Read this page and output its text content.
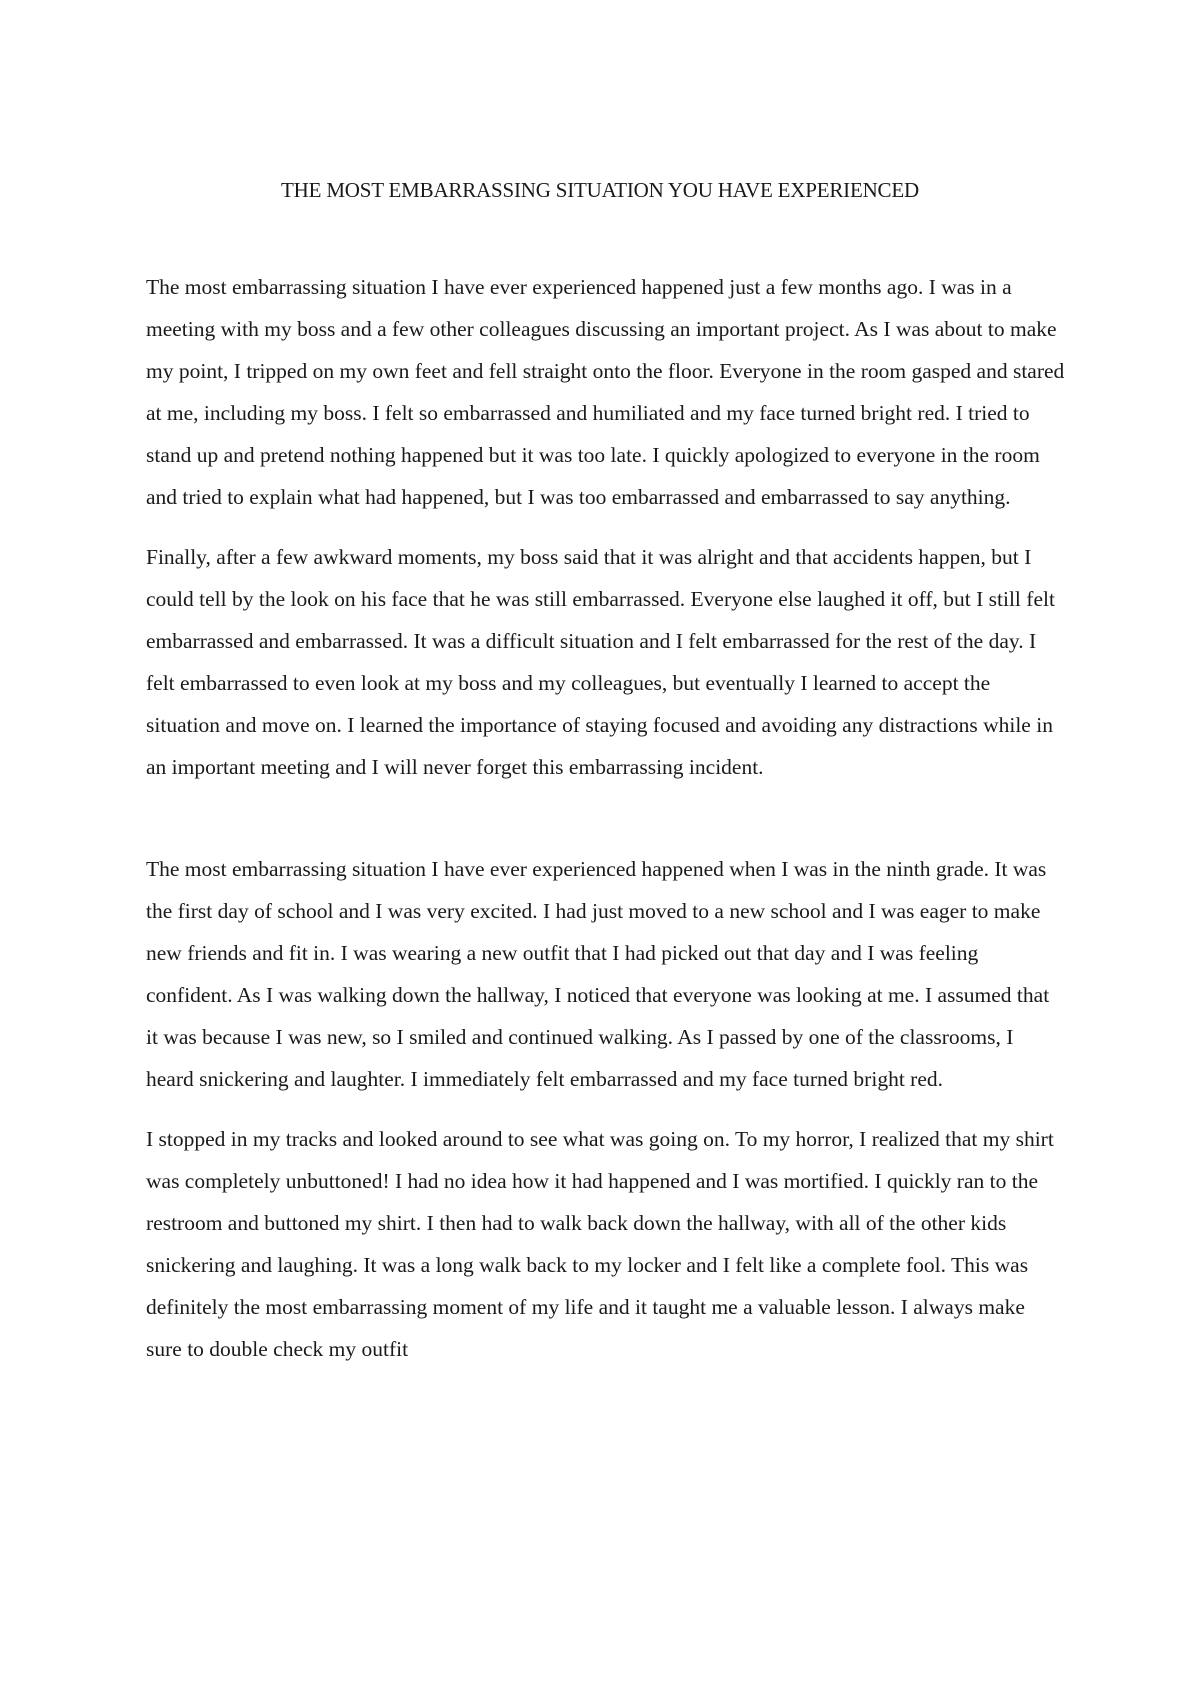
THE MOST EMBARRASSING SITUATION YOU HAVE EXPERIENCED

The most embarrassing situation I have ever experienced happened just a few months ago. I was in a meeting with my boss and a few other colleagues discussing an important project. As I was about to make my point, I tripped on my own feet and fell straight onto the floor. Everyone in the room gasped and stared at me, including my boss. I felt so embarrassed and humiliated and my face turned bright red. I tried to stand up and pretend nothing happened but it was too late. I quickly apologized to everyone in the room and tried to explain what had happened, but I was too embarrassed and embarrassed to say anything.

Finally, after a few awkward moments, my boss said that it was alright and that accidents happen, but I could tell by the look on his face that he was still embarrassed. Everyone else laughed it off, but I still felt embarrassed and embarrassed. It was a difficult situation and I felt embarrassed for the rest of the day. I felt embarrassed to even look at my boss and my colleagues, but eventually I learned to accept the situation and move on. I learned the importance of staying focused and avoiding any distractions while in an important meeting and I will never forget this embarrassing incident.

The most embarrassing situation I have ever experienced happened when I was in the ninth grade. It was the first day of school and I was very excited. I had just moved to a new school and I was eager to make new friends and fit in. I was wearing a new outfit that I had picked out that day and I was feeling confident. As I was walking down the hallway, I noticed that everyone was looking at me. I assumed that it was because I was new, so I smiled and continued walking. As I passed by one of the classrooms, I heard snickering and laughter. I immediately felt embarrassed and my face turned bright red.

I stopped in my tracks and looked around to see what was going on. To my horror, I realized that my shirt was completely unbuttoned! I had no idea how it had happened and I was mortified. I quickly ran to the restroom and buttoned my shirt. I then had to walk back down the hallway, with all of the other kids snickering and laughing. It was a long walk back to my locker and I felt like a complete fool. This was definitely the most embarrassing moment of my life and it taught me a valuable lesson. I always make sure to double check my outfit
